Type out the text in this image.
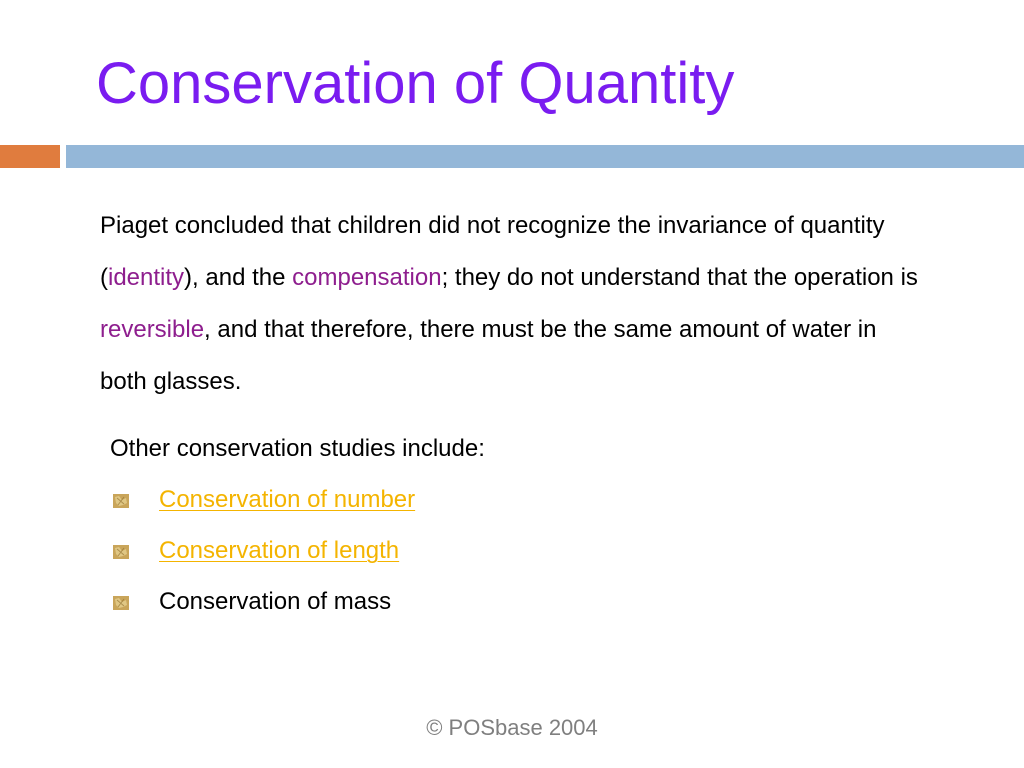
Conservation of Quantity

Piaget concluded that children did not recognize the invariance of quantity (identity), and the compensation; they do not understand that the operation is reversible, and that therefore, there must be the same amount of water in both glasses.

Other conservation studies include:

Conservation of number
Conservation of length
Conservation of mass

© POSbase 2004
